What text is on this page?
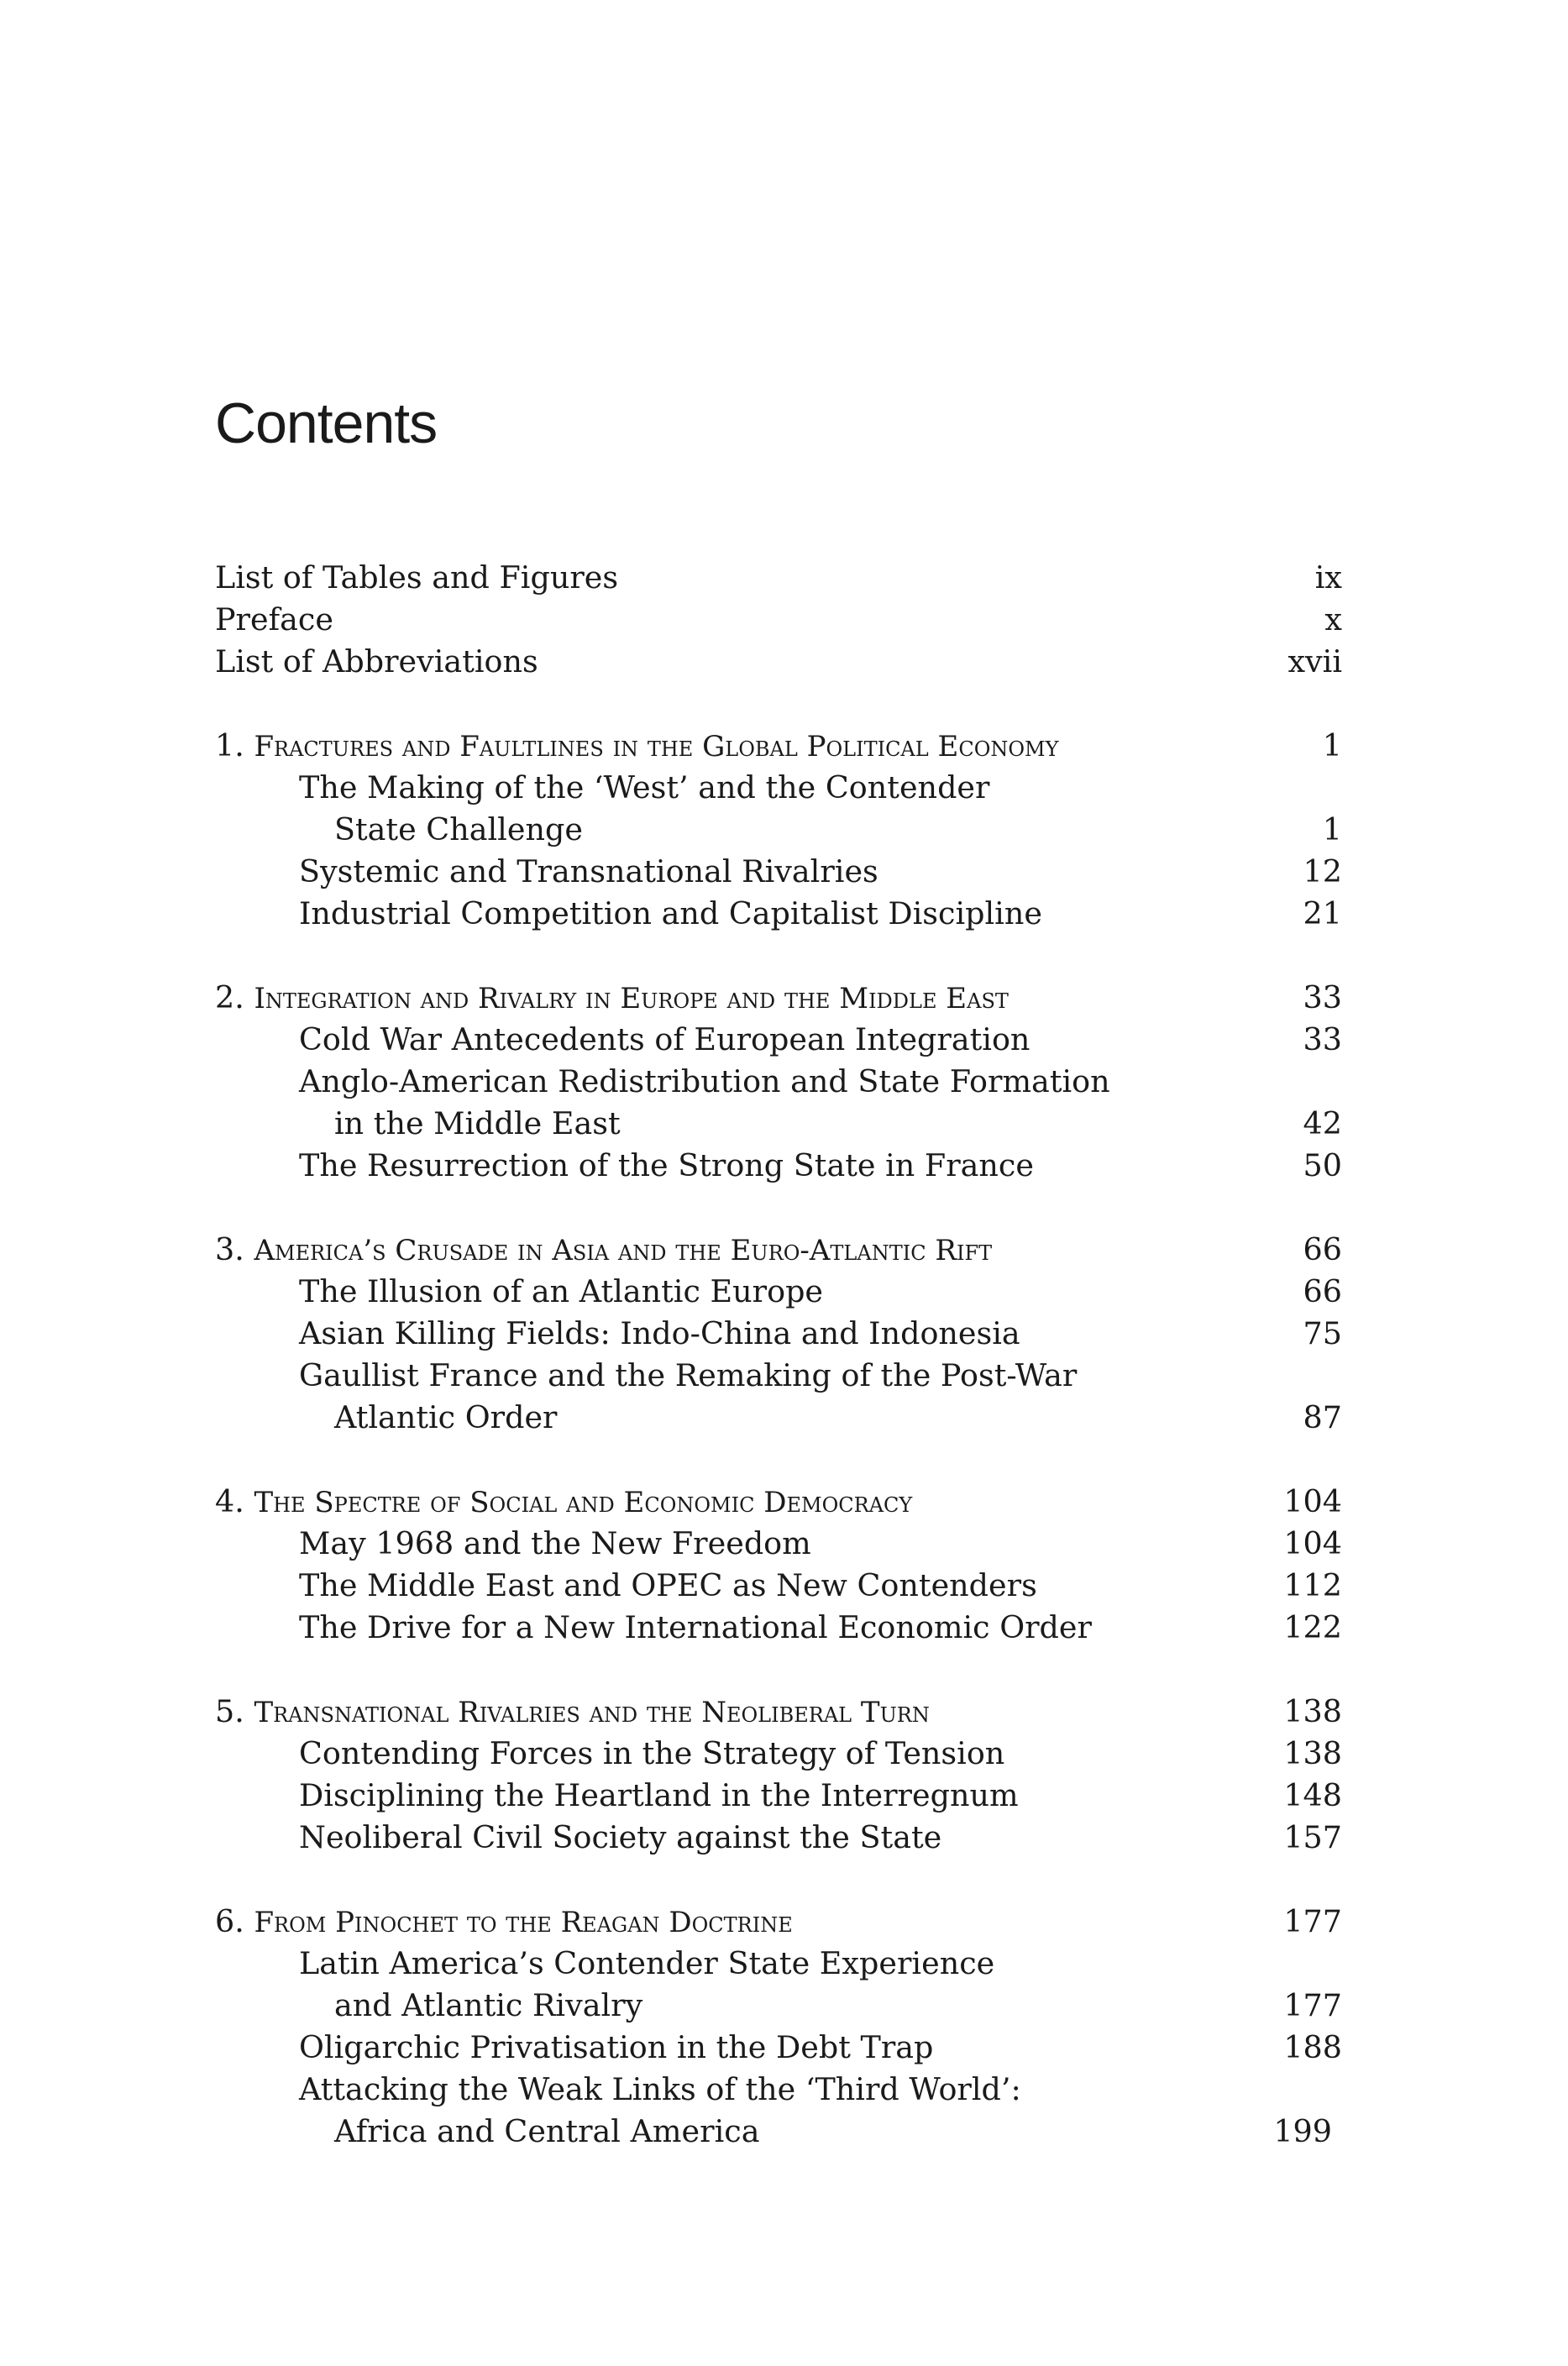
Contents
List of Tables and Figures	ix
Preface	x
List of Abbreviations	xvii
1. Fractures and Faultlines in the Global Political Economy	1
The Making of the ‘West’ and the Contender
State Challenge	1
Systemic and Transnational Rivalries	12
Industrial Competition and Capitalist Discipline	21
2. Integration and Rivalry in Europe and the Middle East	33
Cold War Antecedents of European Integration	33
Anglo-American Redistribution and State Formation
in the Middle East	42
The Resurrection of the Strong State in France	50
3. America’s Crusade in Asia and the Euro-Atlantic Rift	66
The Illusion of an Atlantic Europe	66
Asian Killing Fields: Indo-China and Indonesia	75
Gaullist France and the Remaking of the Post-War
Atlantic Order	87
4. The Spectre of Social and Economic Democracy	104
May 1968 and the New Freedom	104
The Middle East and OPEC as New Contenders	112
The Drive for a New International Economic Order	122
5. Transnational Rivalries and the Neoliberal Turn	138
Contending Forces in the Strategy of Tension	138
Disciplining the Heartland in the Interregnum	148
Neoliberal Civil Society against the State	157
6. From Pinochet to the Reagan Doctrine	177
Latin America’s Contender State Experience
and Atlantic Rivalry	177
Oligarchic Privatisation in the Debt Trap	188
Attacking the Weak Links of the ‘Third World’:
Africa and Central America	199
